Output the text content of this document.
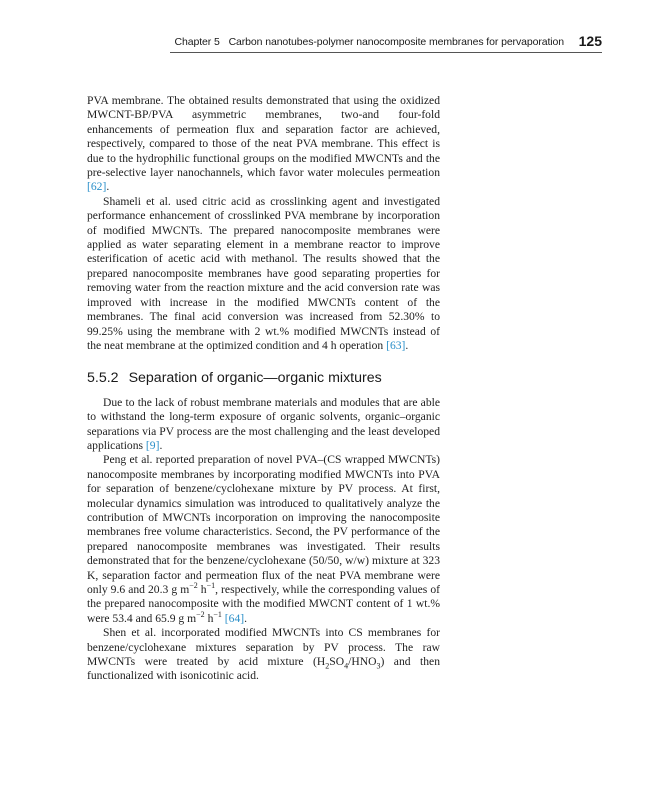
Chapter 5 Carbon nanotubes-polymer nanocomposite membranes for pervaporation 125

PVA membrane. The obtained results demonstrated that using the oxidized MWCNT-BP/PVA asymmetric membranes, two-and four-fold enhancements of permeation flux and separation factor are achieved, respectively, compared to those of the neat PVA membrane. This effect is due to the hydrophilic functional groups on the modified MWCNTs and the pre-selective layer nanochannels, which favor water molecules permeation [62].

Shameli et al. used citric acid as crosslinking agent and investigated performance enhancement of crosslinked PVA membrane by incorporation of modified MWCNTs. The prepared nanocomposite membranes were applied as water separating element in a membrane reactor to improve esterification of acetic acid with methanol. The results showed that the prepared nanocomposite membranes have good separating properties for removing water from the reaction mixture and the acid conversion rate was improved with increase in the modified MWCNTs content of the membranes. The final acid conversion was increased from 52.30% to 99.25% using the membrane with 2 wt.% modified MWCNTs instead of the neat membrane at the optimized condition and 4 h operation [63].

5.5.2 Separation of organic—organic mixtures

Due to the lack of robust membrane materials and modules that are able to withstand the long-term exposure of organic solvents, organic–organic separations via PV process are the most challenging and the least developed applications [9].

Peng et al. reported preparation of novel PVA–(CS wrapped MWCNTs) nanocomposite membranes by incorporating modified MWCNTs into PVA for separation of benzene/cyclohexane mixture by PV process. At first, molecular dynamics simulation was introduced to qualitatively analyze the contribution of MWCNTs incorporation on improving the nanocomposite membranes free volume characteristics. Second, the PV performance of the prepared nanocomposite membranes was investigated. Their results demonstrated that for the benzene/cyclohexane (50/50, w/w) mixture at 323 K, separation factor and permeation flux of the neat PVA membrane were only 9.6 and 20.3 g $m^{-2}$ $h^{-1}$, respectively, while the corresponding values of the prepared nanocomposite with the modified MWCNT content of 1 wt.% were 53.4 and 65.9 g $m^{-2}$ $h^{-1}$ [64].

Shen et al. incorporated modified MWCNTs into CS membranes for benzene/cyclohexane mixtures separation by PV process. The raw MWCNTs were treated by acid mixture $(H_2SO_4/HNO_3)$ and then functionalized with isonicotinic acid.
